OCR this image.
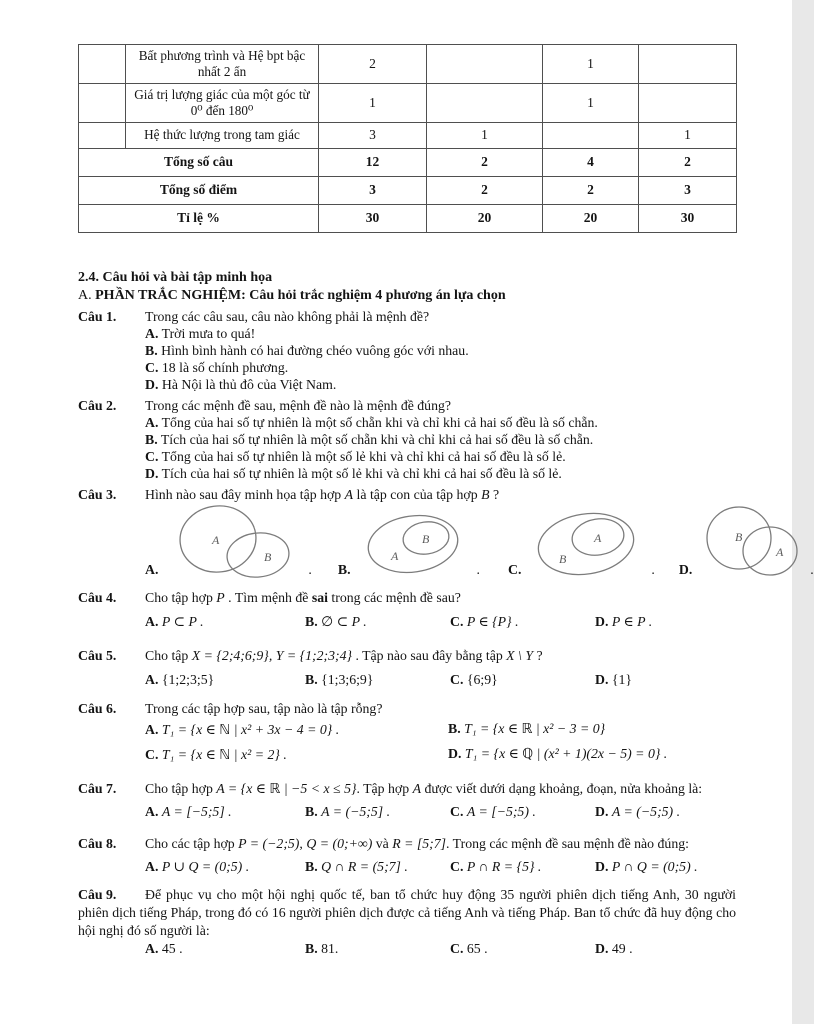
	Bất phương trình và Hệ bpt bậc nhất 2 ẩn	2		1	
	Giá trị lượng giác của một góc từ 0⁰ đến 180⁰	1		1	
	Hệ thức lượng trong tam giác	3	1		1
Tổng số câu		12	2	4	2
Tổng số điểm		3	2	2	3
Tỉ lệ %		30	20	20	30

2.4. Câu hỏi và bài tập minh họa

A. PHẦN TRẮC NGHIỆM: Câu hỏi trắc nghiệm 4 phương án lựa chọn

Câu 1. Trong các câu sau, câu nào không phải là mệnh đề?

A. Trời mưa to quá!

B. Hình bình hành có hai đường chéo vuông góc với nhau.

C. 18 là số chính phương.

D. Hà Nội là thủ đô của Việt Nam.

Câu 2. Trong các mệnh đề sau, mệnh đề nào là mệnh đề đúng?

A. Tổng của hai số tự nhiên là một số chẵn khi và chỉ khi cả hai số đều là số chẵn.

B. Tích của hai số tự nhiên là một số chẵn khi và chỉ khi cả hai số đều là số chẵn.

C. Tổng của hai số tự nhiên là một số lẻ khi và chỉ khi cả hai số đều là số lẻ.

D. Tích của hai số tự nhiên là một số lẻ khi và chỉ khi cả hai số đều là số lẻ.

Câu 3. Hình nào sau đây minh họa tập hợp A là tập con của tập hợp B ?

A.
A
B
. B.
A
B
. C.
B
A
. D.
B
A
.

Câu 4. Cho tập hợp P . Tìm mệnh đề sai trong các mệnh đề sau?

A. P ⊂ P .	B. ∅ ⊂ P .	C. P ∈ {P} .	D. P ∈ P .

Câu 5. Cho tập X = {2;4;6;9}, Y = {1;2;3;4} . Tập nào sau đây bằng tập X \ Y ?

A. {1;2;3;5}	B. {1;3;6;9}	C. {6;9}	D. {1}

Câu 6. Trong các tập hợp sau, tập nào là tập rỗng?

A. T₁ = {x ∈ ℕ | x² + 3x − 4 = 0} .	B. T₁ = {x ∈ ℝ | x² − 3 = 0}
C. T₁ = {x ∈ ℕ | x² = 2} .	D. T₁ = {x ∈ ℚ | (x² + 1)(2x − 5) = 0} .

Câu 7. Cho tập hợp A = {x ∈ ℝ | −5 < x ≤ 5}. Tập hợp A được viết dưới dạng khoảng, đoạn, nửa khoảng là:

A. A = [−5;5] .	B. A = (−5;5] .	C. A = [−5;5) .	D. A = (−5;5) .

Câu 8. Cho các tập hợp P = (−2;5), Q = (0;+∞) và R = [5;7]. Trong các mệnh đề sau mệnh đề nào đúng:

A. P ∪ Q = (0;5) .	B. Q ∩ R = (5;7] .	C. P ∩ R = {5} .	D. P ∩ Q = (0;5) .

Câu 9. Để phục vụ cho một hội nghị quốc tế, ban tổ chức huy động 35 người phiên dịch tiếng Anh, 30 người phiên dịch tiếng Pháp, trong đó có 16 người phiên dịch được cả tiếng Anh và tiếng Pháp. Ban tổ chức đã huy động cho hội nghị đó số người là:

A. 45 .	B. 81.	C. 65 .	D. 49 .
